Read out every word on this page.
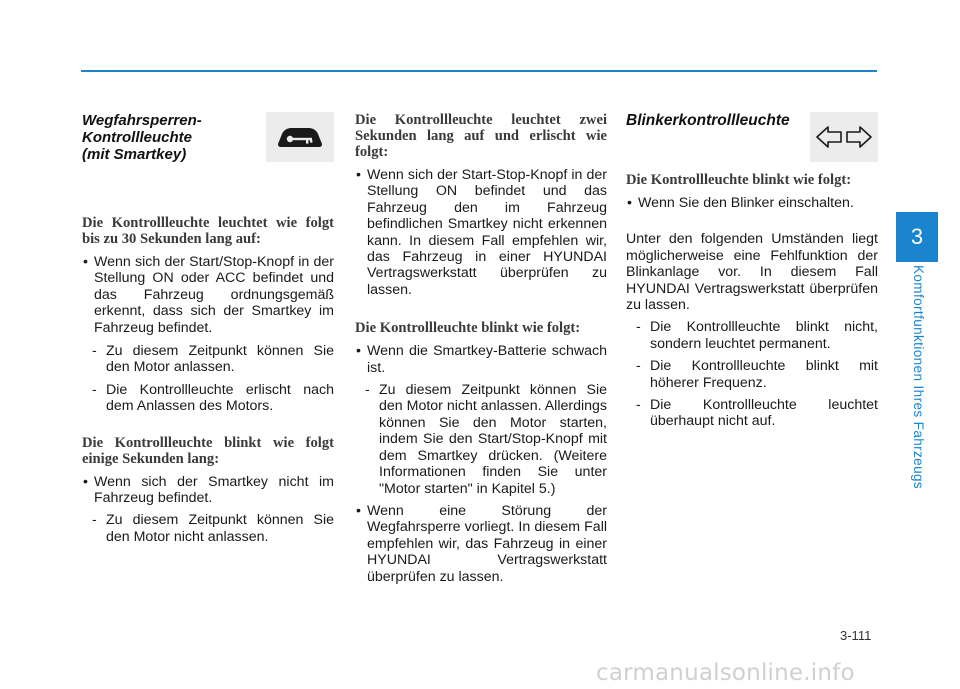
Wegfahrsperren-
Kontrollleuchte
(mit Smartkey)
Die Kontrollleuchte leuchtet wie folgt bis zu 30 Sekunden lang auf:

• Wenn sich der Start/Stop-Knopf in der Stellung ON oder ACC befindet und das Fahrzeug ordnungsgemäß erkennt, dass sich der Smartkey im Fahrzeug befindet.

- Zu diesem Zeitpunkt können Sie den Motor anlassen.

- Die Kontrollleuchte erlischt nach dem Anlassen des Motors.

Die Kontrollleuchte blinkt wie folgt einige Sekunden lang:

• Wenn sich der Smartkey nicht im Fahrzeug befindet.

- Zu diesem Zeitpunkt können Sie den Motor nicht anlassen.

Die Kontrollleuchte leuchtet zwei Sekunden lang auf und erlischt wie folgt:

• Wenn sich der Start-Stop-Knopf in der Stellung ON befindet und das Fahrzeug den im Fahrzeug befindlichen Smartkey nicht erkennen kann. In diesem Fall empfehlen wir, das Fahrzeug in einer HYUNDAI Vertragswerkstatt überprüfen zu lassen.

Die Kontrollleuchte blinkt wie folgt:

• Wenn die Smartkey-Batterie schwach ist.

- Zu diesem Zeitpunkt können Sie den Motor nicht anlassen. Allerdings können Sie den Motor starten, indem Sie den Start/Stop-Knopf mit dem Smartkey drücken. (Weitere Informationen finden Sie unter "Motor starten" in Kapitel 5.)

• Wenn eine Störung der Wegfahrsperre vorliegt. In diesem Fall empfehlen wir, das Fahrzeug in einer HYUNDAI Vertragswerkstatt überprüfen zu lassen.

Blinkerkontrollleuchte
Die Kontrollleuchte blinkt wie folgt:

• Wenn Sie den Blinker einschalten.

Unter den folgenden Umständen liegt möglicherweise eine Fehlfunktion der Blinkanlage vor. In diesem Fall HYUNDAI Vertragswerkstatt überprüfen zu lassen.

- Die Kontrollleuchte blinkt nicht, sondern leuchtet permanent.

- Die Kontrollleuchte blinkt mit höherer Frequenz.

- Die Kontrollleuchte leuchtet überhaupt nicht auf.

3
Komfortfunktionen Ihres Fahrzeugs
3-111
carmanualsonline.info
